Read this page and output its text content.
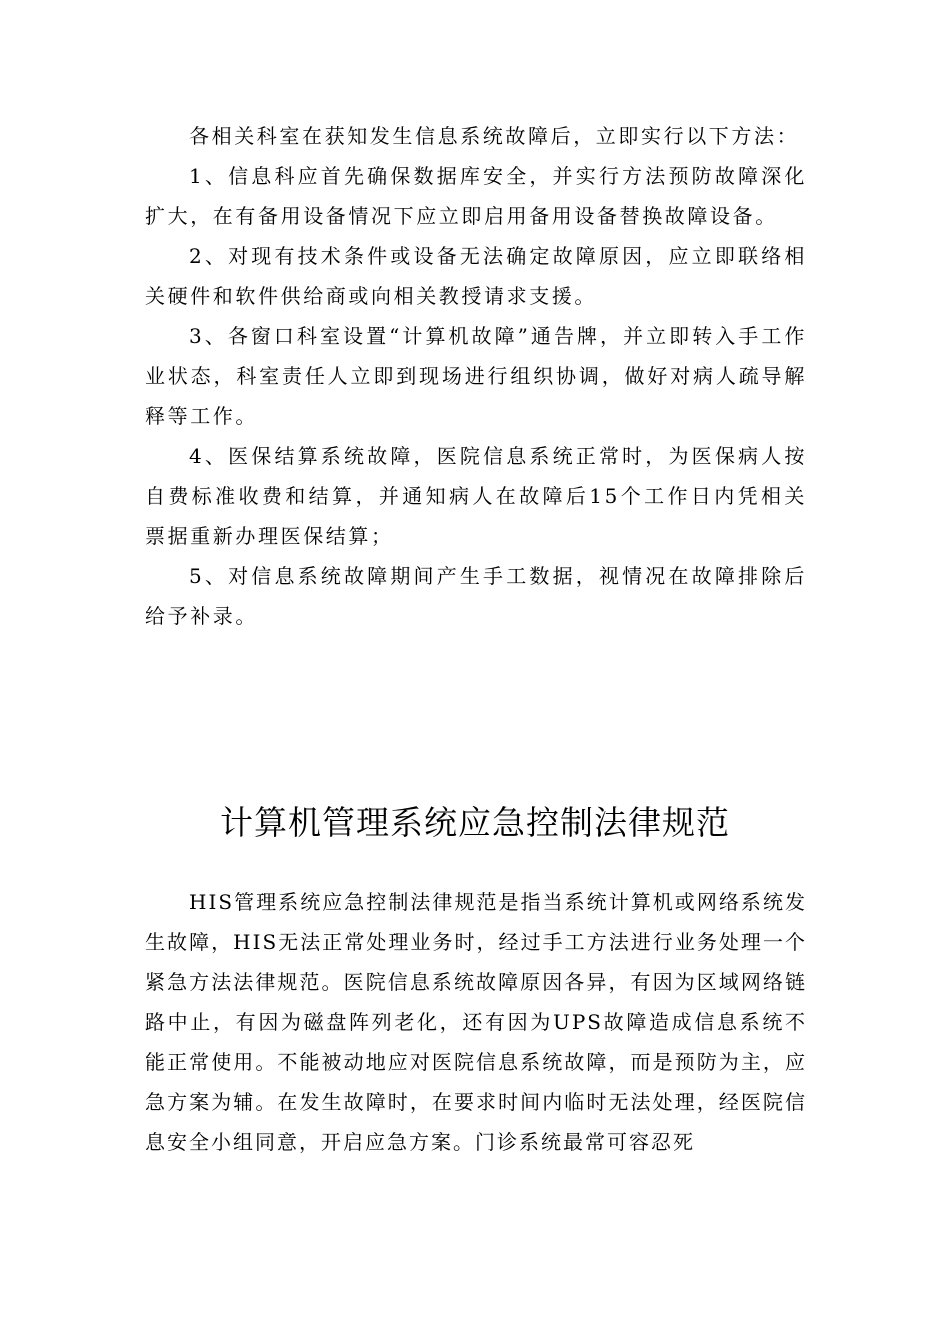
各相关科室在获知发生信息系统故障后，立即实行以下方法：

1、信息科应首先确保数据库安全，并实行方法预防故障深化扩大，在有备用设备情况下应立即启用备用设备替换故障设备。

2、对现有技术条件或设备无法确定故障原因，应立即联络相关硬件和软件供给商或向相关教授请求支援。

3、各窗口科室设置“计算机故障”通告牌，并立即转入手工作业状态，科室责任人立即到现场进行组织协调，做好对病人疏导解释等工作。

4、医保结算系统故障，医院信息系统正常时，为医保病人按自费标准收费和结算，并通知病人在故障后15个工作日内凭相关票据重新办理医保结算；

5、对信息系统故障期间产生手工数据，视情况在故障排除后给予补录。

计算机管理系统应急控制法律规范

HIS管理系统应急控制法律规范是指当系统计算机或网络系统发生故障，HIS无法正常处理业务时，经过手工方法进行业务处理一个紧急方法法律规范。医院信息系统故障原因各异，有因为区域网络链路中止，有因为磁盘阵列老化，还有因为UPS故障造成信息系统不能正常使用。不能被动地应对医院信息系统故障，而是预防为主，应急方案为辅。在发生故障时，在要求时间内临时无法处理，经医院信息安全小组同意，开启应急方案。门诊系统最常可容忍死
